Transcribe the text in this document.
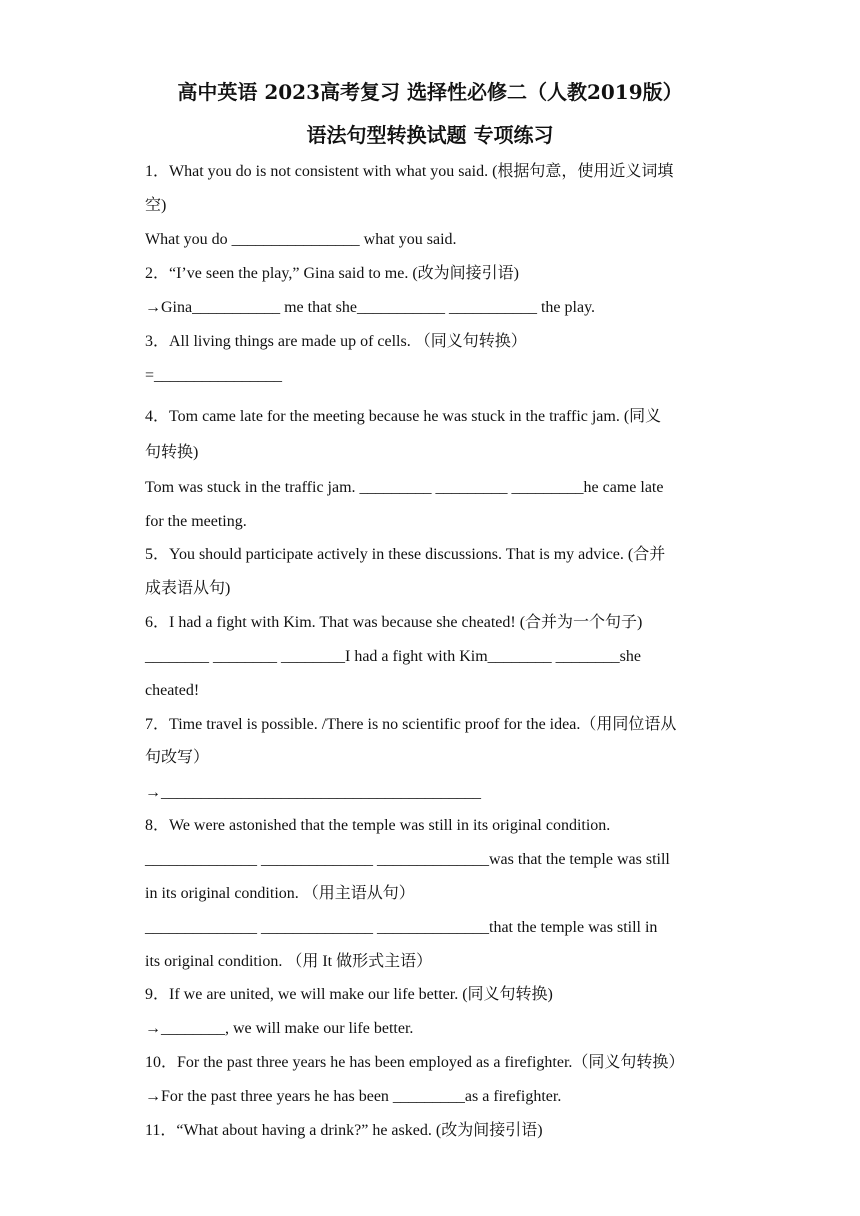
高中英语 2023高考复习 选择性必修二（人教2019版）
语法句型转换试题 专项练习
1．What you do is not consistent with what you said. (根据句意，使用近义词填
空)
What you do ________________ what you said.
2．“I’ve seen the play,” Gina said to me. (改为间接引语)
→Gina___________ me that she___________ ___________ the play.
3．All living things are made up of cells. （同义句转换）
=________________
4．Tom came late for the meeting because he was stuck in the traffic jam. (同义
句转换)
Tom was stuck in the traffic jam. _________ _________ _________he came late
for the meeting.
5．You should participate actively in these discussions. That is my advice. (合并
成表语从句)
6．I had a fight with Kim. That was because she cheated! (合并为一个句子)
________ ________ ________I had a fight with Kim________ ________she
cheated!
7．Time travel is possible. /There is no scientific proof for the idea.（用同位语从
句改写）
→________________________________________
8．We were astonished that the temple was still in its original condition.
______________ ______________ ______________was that the temple was still
in its original condition. （用主语从句）
______________ ______________ ______________that the temple was still in
its original condition. （用 It 做形式主语）
9．If we are united, we will make our life better. (同义句转换)
→________, we will make our life better.
10．For the past three years he has been employed as a firefighter.（同义句转换）
→For the past three years he has been _________as a firefighter.
11．“What about having a drink?” he asked. (改为间接引语)
